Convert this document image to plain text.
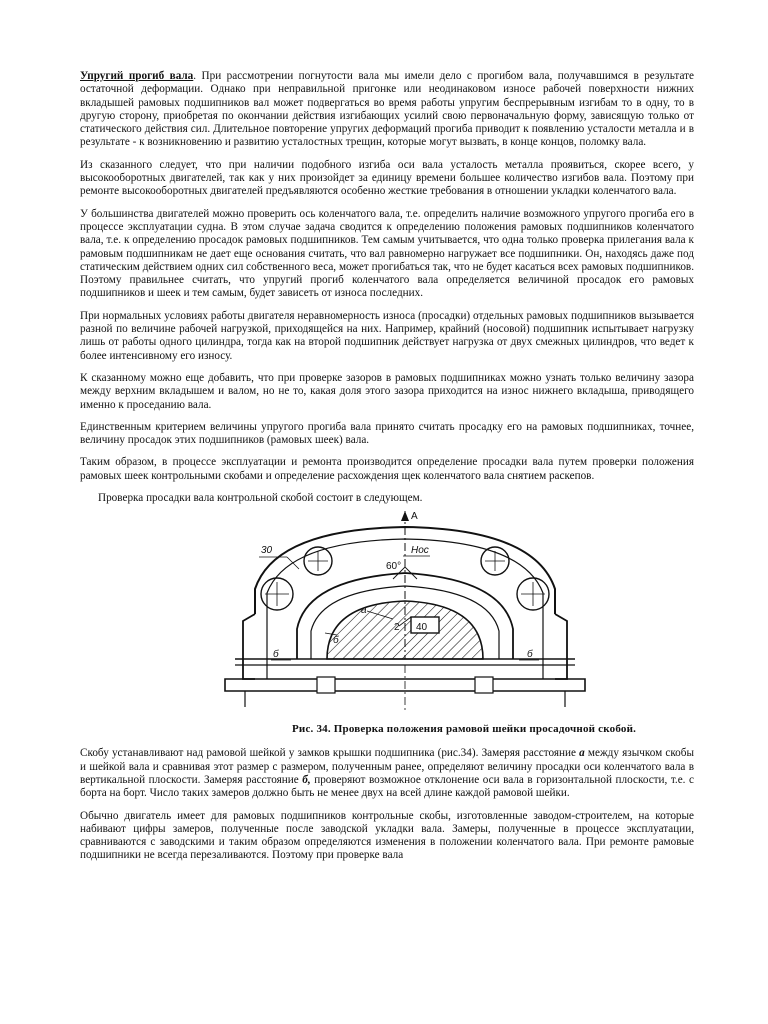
Упругий прогиб вала. При рассмотрении погнутости вала мы имели дело с прогибом вала, получавшимся в результате остаточной деформации. Однако при неправильной пригонке или неодинаковом износе рабочей поверхности нижних вкладышей рамовых подшипников вал может подвергаться во время работы упругим беспрерывным изгибам то в одну, то в другую сторону, приобретая по окончании действия изгибающих усилий свою первоначальную форму, зависящую только от статического действия сил. Длительное повторение упругих деформаций прогиба приводит к появлению усталости металла и в результате - к возникновению и развитию усталостных трещин, которые могут вызвать, в конце концов, поломку вала.

Из сказанного следует, что при наличии подобного изгиба оси вала усталость металла проявиться, скорее всего, у высокооборотных двигателей, так как у них произойдет за единицу времени большее количество изгибов вала. Поэтому при ремонте высокооборотных двигателей предъявляются особенно жесткие требования в отношении укладки коленчатого вала.

У большинства двигателей можно проверить ось коленчатого вала, т.е. определить наличие возможного упругого прогиба его в процессе эксплуатации судна. В этом случае задача сводится к определению положения рамовых подшипников коленчатого вала, т.е. к определению просадок рамовых подшипников. Тем самым учитывается, что одна только проверка прилегания вала к рамовым подшипникам не дает еще основания считать, что вал равномерно нагружает все подшипники. Он, находясь даже под статическим действием одних сил собственного веса, может прогибаться так, что не будет касаться всех рамовых подшипников. Поэтому правильнее считать, что упругий прогиб коленчатого вала определяется величиной просадок его рамовых подшипников и шеек и тем самым, будет зависеть от износа последних.

При нормальных условиях работы двигателя неравномерность износа (просадки) отдельных рамовых подшипников вызывается разной по величине рабочей нагрузкой, приходящейся на них. Например, крайний (носовой) подшипник испытывает нагрузку лишь от работы одного цилиндра, тогда как на второй подшипник действует нагрузка от двух смежных цилиндров, что ведет к более интенсивному его износу.

К сказанному можно еще добавить, что при проверке зазоров в рамовых подшипниках можно узнать только величину зазора между верхним вкладышем и валом, но не то, какая доля этого зазора приходится на износ нижнего вкладыша, приводящего именно к проседанию вала.

Единственным критерием величины упругого прогиба вала принято считать просадку его на рамовых подшипниках, точнее, величину просадок этих подшипников (рамовых шеек) вала.

Таким образом, в процессе эксплуатации и ремонта производится определение просадки вала путем проверки положения рамовых шеек контрольными скобами и определение расхождения щек коленчатого вала снятием раскепов.

Проверка просадки вала контрольной скобой состоит в следующем.

A
Нос
30
60°
40
2
а
б
б	б
Рис. 34. Проверка положения рамовой шейки просадочной скобой.

Скобу устанавливают над рамовой шейкой у замков крышки подшипника (рис.34). Замеряя расстояние а между язычком скобы и шейкой вала и сравнивая этот размер с размером, полученным ранее, определяют величину просадки оси коленчатого вала в вертикальной плоскости. Замеряя расстояние б, проверяют возможное отклонение оси вала в горизонтальной плоскости, т.е. с борта на борт. Число таких замеров должно быть не менее двух на всей длине каждой рамовой шейки.

Обычно двигатель имеет для рамовых подшипников контрольные скобы, изготовленные заводом-строителем, на которые набивают цифры замеров, полученные после заводской укладки вала. Замеры, полученные в процессе эксплуатации, сравниваются с заводскими и таким образом определяются изменения в положении коленчатого вала. При ремонте рамовые подшипники не всегда перезаливаются. Поэтому при проверке вала
